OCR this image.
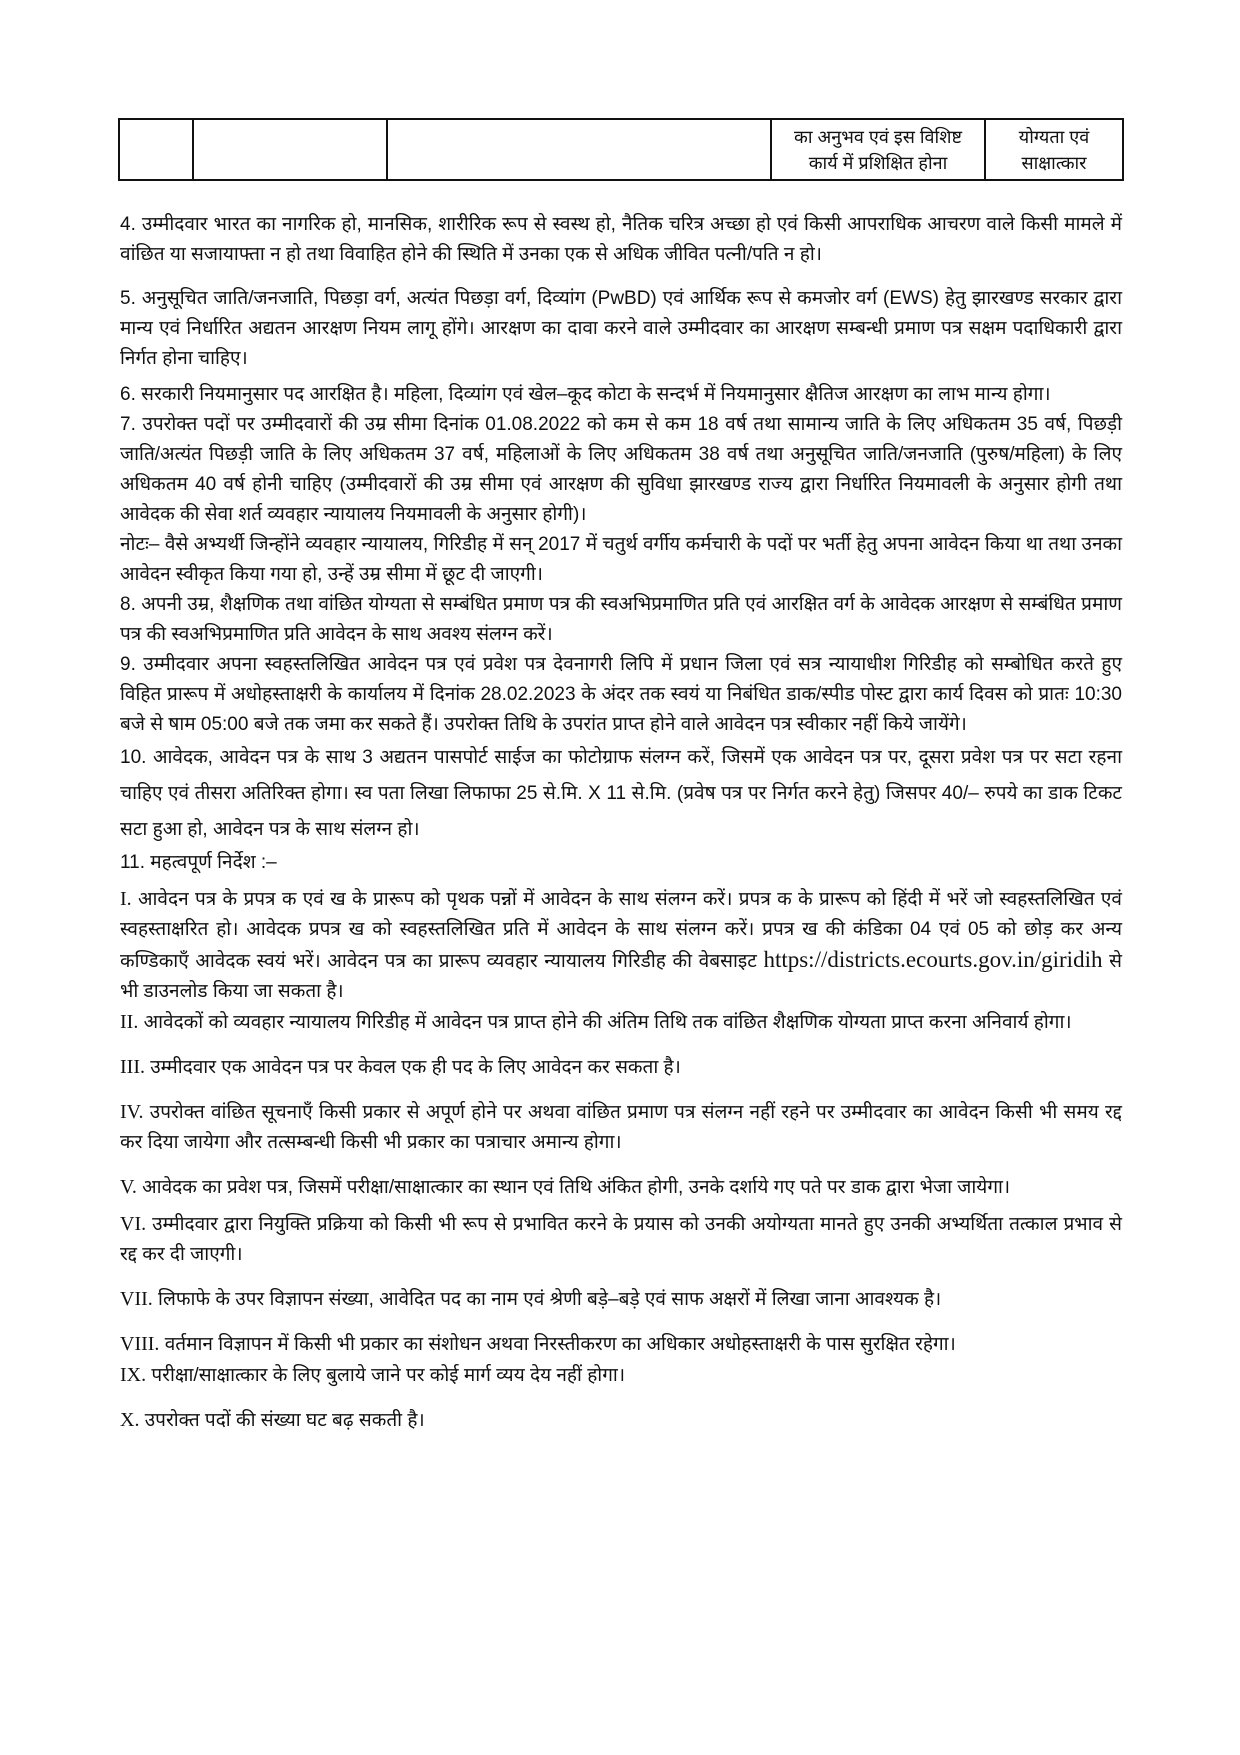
			का अनुभव एवं इस विशिष्ट कार्य में प्रशिक्षित होना	योग्यता एवं साक्षात्कार

4. उम्मीदवार भारत का नागरिक हो, मानसिक, शारीरिक रूप से स्वस्थ हो, नैतिक चरित्र अच्छा हो एवं किसी आपराधिक आचरण वाले किसी मामले में वांछित या सजायाफ्ता न हो तथा विवाहित होने की स्थिति में उनका एक से अधिक जीवित पत्नी/पति न हो।

5. अनुसूचित जाति/जनजाति, पिछड़ा वर्ग, अत्यंत पिछड़ा वर्ग, दिव्यांग (PwBD) एवं आर्थिक रूप से कमजोर वर्ग (EWS) हेतु झारखण्ड सरकार द्वारा मान्य एवं निर्धारित अद्यतन आरक्षण नियम लागू होंगे। आरक्षण का दावा करने वाले उम्मीदवार का आरक्षण सम्बन्धी प्रमाण पत्र सक्षम पदाधिकारी द्वारा निर्गत होना चाहिए।

6. सरकारी नियमानुसार पद आरक्षित है। महिला, दिव्यांग एवं खेल–कूद कोटा के सन्दर्भ में नियमानुसार क्षैतिज आरक्षण का लाभ मान्य होगा।

7. उपरोक्त पदों पर उम्मीदवारों की उम्र सीमा दिनांक 01.08.2022 को कम से कम 18 वर्ष तथा सामान्य जाति के लिए अधिकतम 35 वर्ष, पिछड़ी जाति/अत्यंत पिछड़ी जाति के लिए अधिकतम 37 वर्ष, महिलाओं के लिए अधिकतम 38 वर्ष तथा अनुसूचित जाति/जनजाति (पुरुष/महिला) के लिए अधिकतम 40 वर्ष होनी चाहिए (उम्मीदवारों की उम्र सीमा एवं आरक्षण की सुविधा झारखण्ड राज्य द्वारा निर्धारित नियमावली के अनुसार होगी तथा आवेदक की सेवा शर्त व्यवहार न्यायालय नियमावली के अनुसार होगी)।

नोटः– वैसे अभ्यर्थी जिन्होंने व्यवहार न्यायालय, गिरिडीह में सन् 2017 में चतुर्थ वर्गीय कर्मचारी के पदों पर भर्ती हेतु अपना आवेदन किया था तथा उनका आवेदन स्वीकृत किया गया हो, उन्हें उम्र सीमा में छूट दी जाएगी।

8. अपनी उम्र, शैक्षणिक तथा वांछित योग्यता से सम्बंधित प्रमाण पत्र की स्वअभिप्रमाणित प्रति एवं आरक्षित वर्ग के आवेदक आरक्षण से सम्बंधित प्रमाण पत्र की स्वअभिप्रमाणित प्रति आवेदन के साथ अवश्य संलग्न करें।

9. उम्मीदवार अपना स्वहस्तलिखित आवेदन पत्र एवं प्रवेश पत्र देवनागरी लिपि में प्रधान जिला एवं सत्र न्यायाधीश गिरिडीह को सम्बोधित करते हुए विहित प्रारूप में अधोहस्ताक्षरी के कार्यालय में दिनांक 28.02.2023 के अंदर तक स्वयं या निबंधित डाक/स्पीड पोस्ट द्वारा कार्य दिवस को प्रातः 10:30 बजे से षाम 05:00 बजे तक जमा कर सकते हैं। उपरोक्त तिथि के उपरांत प्राप्त होने वाले आवेदन पत्र स्वीकार नहीं किये जायेंगे।

10. आवेदक, आवेदन पत्र के साथ 3 अद्यतन पासपोर्ट साईज का फोटोग्राफ संलग्न करें, जिसमें एक आवेदन पत्र पर, दूसरा प्रवेश पत्र पर सटा रहना चाहिए एवं तीसरा अतिरिक्त होगा। स्व पता लिखा लिफाफा 25 से.मि. X 11 से.मि. (प्रवेष पत्र पर निर्गत करने हेतु) जिसपर 40/– रुपये का डाक टिकट सटा हुआ हो, आवेदन पत्र के साथ संलग्न हो।

11. महत्वपूर्ण निर्देश :–

I. आवेदन पत्र के प्रपत्र क एवं ख के प्रारूप को पृथक पन्नों में आवेदन के साथ संलग्न करें। प्रपत्र क के प्रारूप को हिंदी में भरें जो स्वहस्तलिखित एवं स्वहस्ताक्षरित हो। आवेदक प्रपत्र ख को स्वहस्तलिखित प्रति में आवेदन के साथ संलग्न करें। प्रपत्र ख की कंडिका 04 एवं 05 को छोड़ कर अन्य कण्डिकाएँ आवेदक स्वयं भरें। आवेदन पत्र का प्रारूप व्यवहार न्यायालय गिरिडीह की वेबसाइट https://districts.ecourts.gov.in/giridih से भी डाउनलोड किया जा सकता है।

II. आवेदकों को व्यवहार न्यायालय गिरिडीह में आवेदन पत्र प्राप्त होने की अंतिम तिथि तक वांछित शैक्षणिक योग्यता प्राप्त करना अनिवार्य होगा।

III. उम्मीदवार एक आवेदन पत्र पर केवल एक ही पद के लिए आवेदन कर सकता है।

IV. उपरोक्त वांछित सूचनाएँ किसी प्रकार से अपूर्ण होने पर अथवा वांछित प्रमाण पत्र संलग्न नहीं रहने पर उम्मीदवार का आवेदन किसी भी समय रद्द कर दिया जायेगा और तत्सम्बन्धी किसी भी प्रकार का पत्राचार अमान्य होगा।

V. आवेदक का प्रवेश पत्र, जिसमें परीक्षा/साक्षात्कार का स्थान एवं तिथि अंकित होगी, उनके दर्शाये गए पते पर डाक द्वारा भेजा जायेगा।

VI. उम्मीदवार द्वारा नियुक्ति प्रक्रिया को किसी भी रूप से प्रभावित करने के प्रयास को उनकी अयोग्यता मानते हुए उनकी अभ्यर्थिता तत्काल प्रभाव से रद्द कर दी जाएगी।

VII. लिफाफे के उपर विज्ञापन संख्या, आवेदित पद का नाम एवं श्रेणी बड़े–बड़े एवं साफ अक्षरों में लिखा जाना आवश्यक है।

VIII. वर्तमान विज्ञापन में किसी भी प्रकार का संशोधन अथवा निरस्तीकरण का अधिकार अधोहस्ताक्षरी के पास सुरक्षित रहेगा।

IX. परीक्षा/साक्षात्कार के लिए बुलाये जाने पर कोई मार्ग व्यय देय नहीं होगा।

X. उपरोक्त पदों की संख्या घट बढ़ सकती है।
